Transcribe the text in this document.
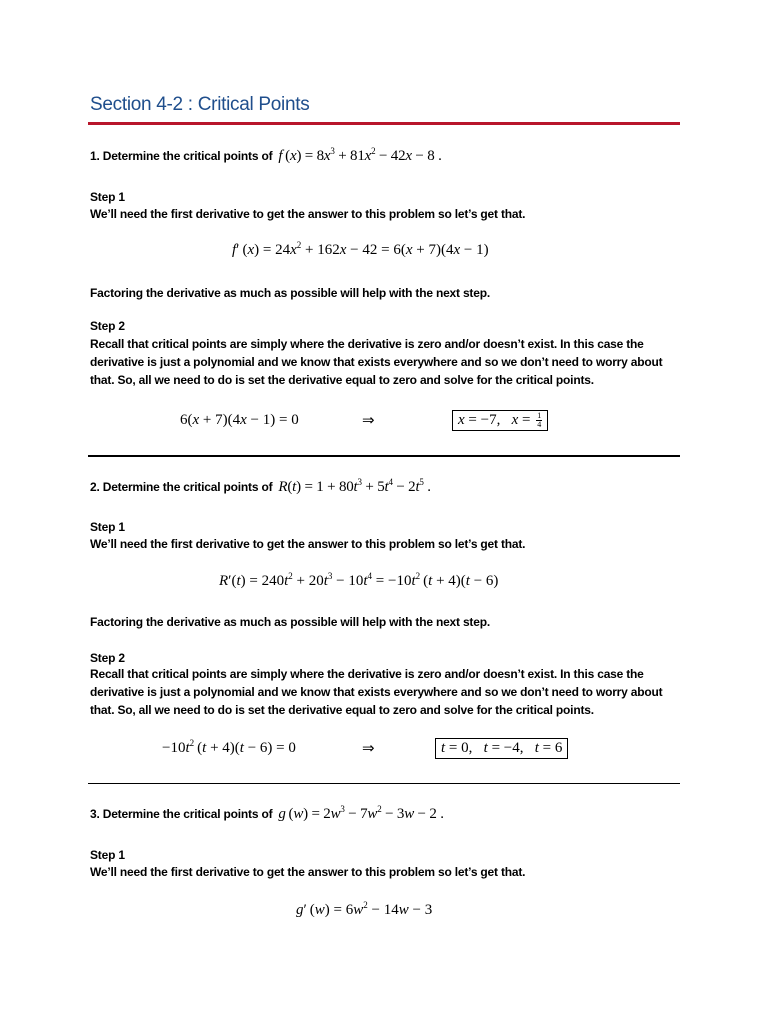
Section 4-2 : Critical Points
1. Determine the critical points of f $(x) = 8x^3 + 81x^2 - 42x - 8$ .
Step 1
We’ll need the first derivative to get the answer to this problem so let’s get that.
f′ $(x) = 24x^2 + 162x - 42 = 6(x + 7)(4x - 1)$
Factoring the derivative as much as possible will help with the next step.
Step 2
Recall that critical points are simply where the derivative is zero and/or doesn’t exist. In this case the
derivative is just a polynomial and we know that exists everywhere and so we don’t need to worry about
that. So, all we need to do is set the derivative equal to zero and solve for the critical points.
6(x + 7)(4x − 1) = 0	⇒	x = −7,   $x = \frac{1}{4}$
2. Determine the critical points of $R(t) = 1 + 80t^3 + 5t^4 - 2t^5$ .
Step 1
We’ll need the first derivative to get the answer to this problem so let’s get that.
$R'(t) = 240t^2 + 20t^3 - 10t^4 = -10t^2$ (t + 4)(t − 6)
Factoring the derivative as much as possible will help with the next step.
Step 2
Recall that critical points are simply where the derivative is zero and/or doesn’t exist. In this case the
derivative is just a polynomial and we know that exists everywhere and so we don’t need to worry about
that. So, all we need to do is set the derivative equal to zero and solve for the critical points.
$-10t^2$ (t + 4)(t − 6) = 0	⇒	t = 0,   t = −4,   t = 6
3. Determine the critical points of g $(w) = 2w^3 - 7w^2 - 3w - 2$ .
Step 1
We’ll need the first derivative to get the answer to this problem so let’s get that.
g′ $(w) = 6w^2 - 14w - 3$
